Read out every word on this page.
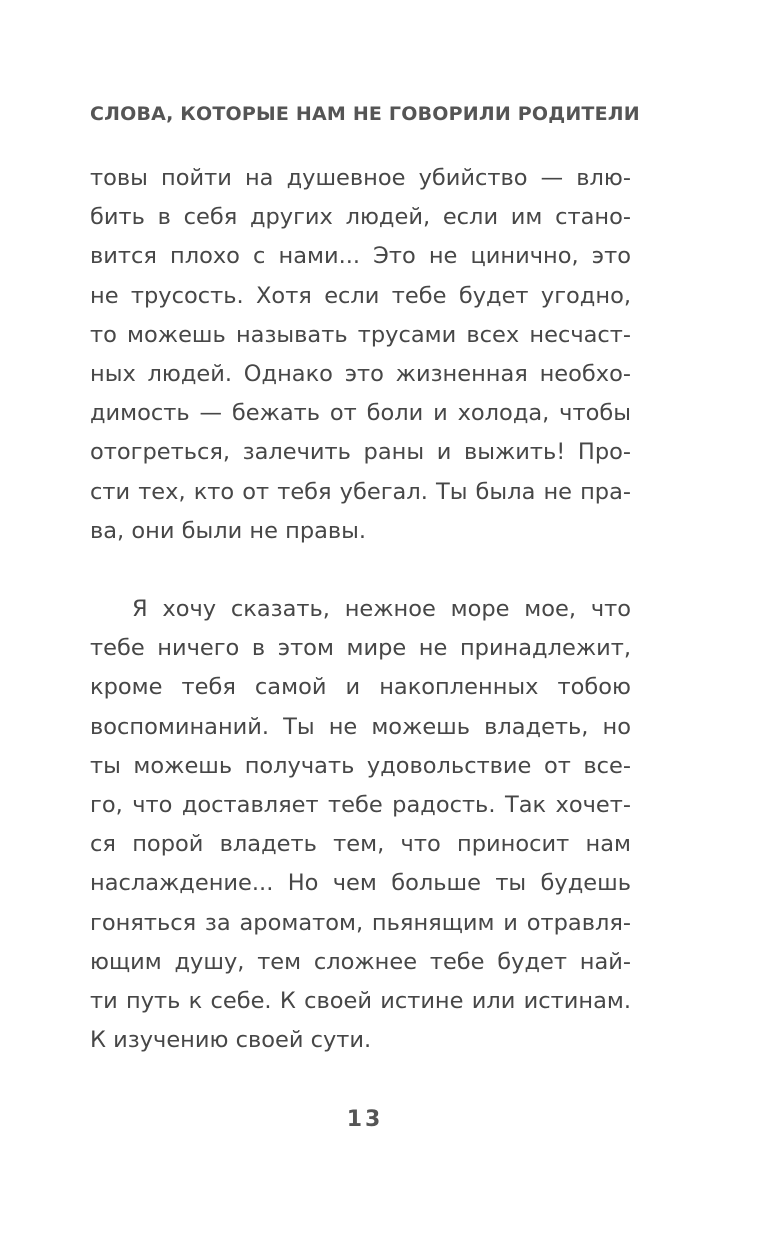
СЛОВА, КОТОРЫЕ НАМ НЕ ГОВОРИЛИ РОДИТЕЛИ
товы пойти на душевное убийство — влю-
бить в себя других людей, если им стано-
вится плохо с нами... Это не цинично, это
не трусость. Хотя если тебе будет угодно,
то можешь называть трусами всех несчаст-
ных людей. Однако это жизненная необхо-
димость — бежать от боли и холода, чтобы
отогреться, залечить раны и выжить! Про-
сти тех, кто от тебя убегал. Ты была не пра-
ва, они были не правы.
Я хочу сказать, нежное море мое, что
тебе ничего в этом мире не принадлежит,
кроме тебя самой и накопленных тобою
воспоминаний. Ты не можешь владеть, но
ты можешь получать удовольствие от все-
го, что доставляет тебе радость. Так хочет-
ся порой владеть тем, что приносит нам
наслаждение... Но чем больше ты будешь
гоняться за ароматом, пьянящим и отравля-
ющим душу, тем сложнее тебе будет най-
ти путь к себе. К своей истине или истинам.
К изучению своей сути.
13
